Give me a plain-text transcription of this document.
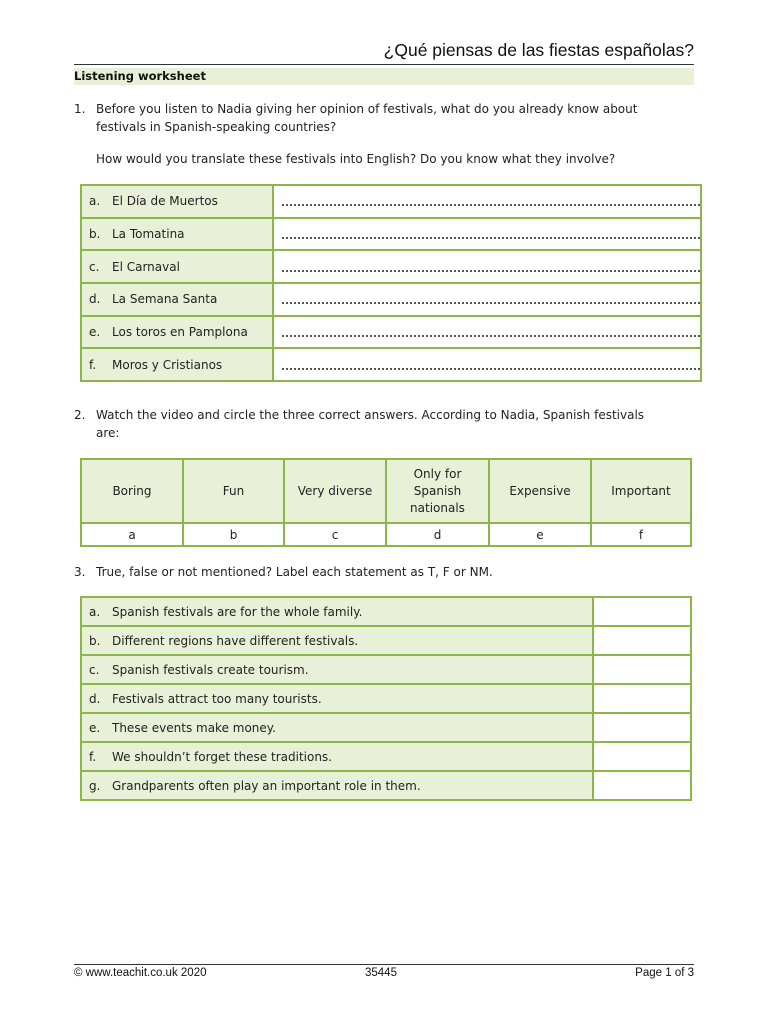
¿Qué piensas de las fiestas españolas?
Listening worksheet
1. Before you listen to Nadia giving her opinion of festivals, what do you already know about
festivals in Spanish-speaking countries?
How would you translate these festivals into English? Do you know what they involve?
a. El Día de Muertos	

b. La Tomatina	

c. El Carnaval	

d. La Semana Santa	

e. Los toros en Pamplona	

f. Moros y Cristianos	
2. Watch the video and circle the three correct answers. According to Nadia, Spanish festivals
are:
Boring	Fun	Very diverse	Only for
Spanish
nationals	Expensive	Important
a	b	c	d	e	f
3. True, false or not mentioned? Label each statement as T, F or NM.
a. Spanish festivals are for the whole family.	
b. Different regions have different festivals.	
c. Spanish festivals create tourism.	
d. Festivals attract too many tourists.	
e. These events make money.	
f. We shouldn’t forget these traditions.	
g. Grandparents often play an important role in them.	
© www.teachit.co.uk 2020	35445	Page 1 of 3
